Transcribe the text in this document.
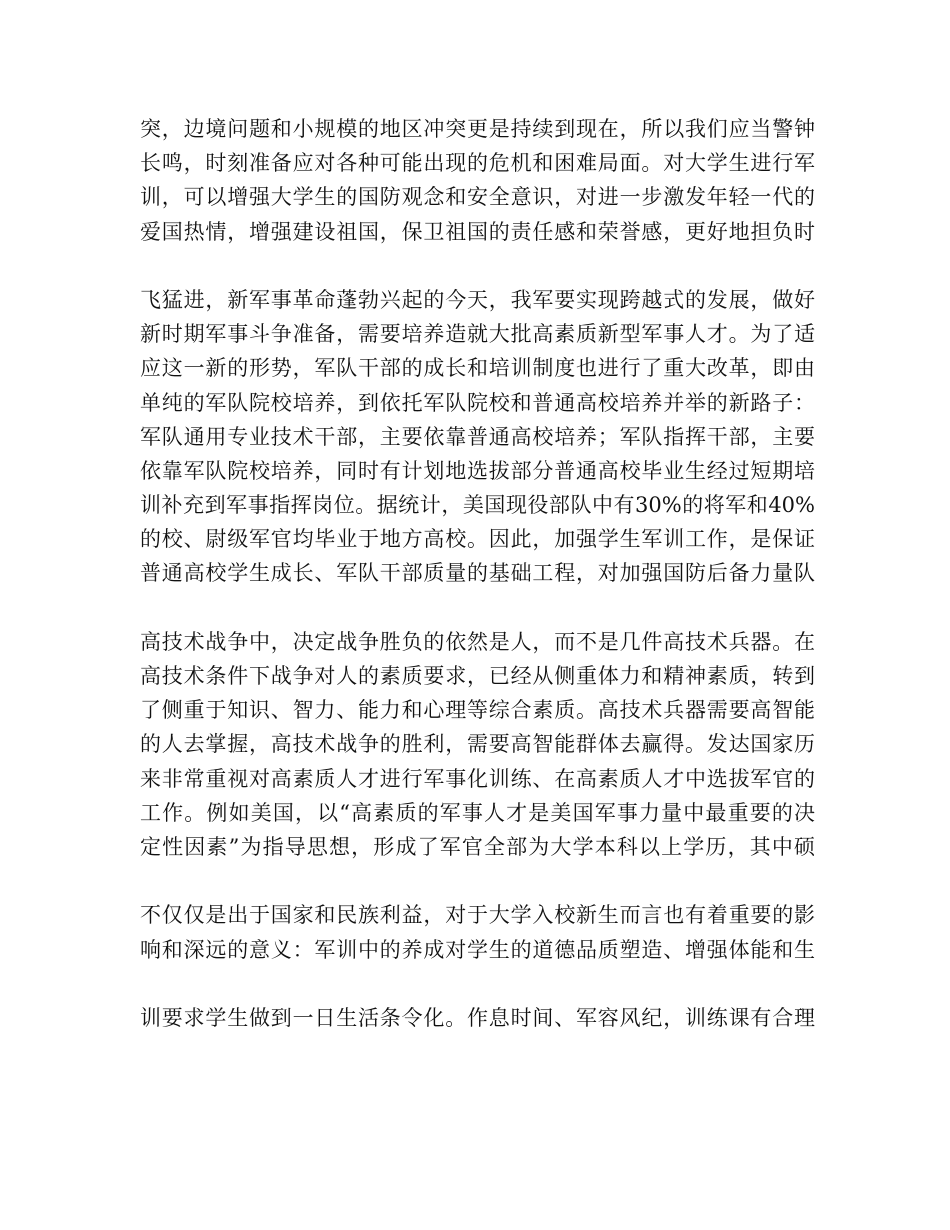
突，边境问题和小规模的地区冲突更是持续到现在，所以我们应当警钟
长鸣，时刻准备应对各种可能出现的危机和困难局面。对大学生进行军
训，可以增强大学生的国防观念和安全意识，对进一步激发年轻一代的
爱国热情，增强建设祖国，保卫祖国的责任感和荣誉感，更好地担负时

飞猛进，新军事革命蓬勃兴起的今天，我军要实现跨越式的发展，做好
新时期军事斗争准备，需要培养造就大批高素质新型军事人才。为了适
应这一新的形势，军队干部的成长和培训制度也进行了重大改革，即由
单纯的军队院校培养，到依托军队院校和普通高校培养并举的新路子：
军队通用专业技术干部，主要依靠普通高校培养；军队指挥干部，主要
依靠军队院校培养，同时有计划地选拔部分普通高校毕业生经过短期培
训补充到军事指挥岗位。据统计，美国现役部队中有30%的将军和40%
的校、尉级军官均毕业于地方高校。因此，加强学生军训工作，是保证
普通高校学生成长、军队干部质量的基础工程，对加强国防后备力量队

高技术战争中，决定战争胜负的依然是人，而不是几件高技术兵器。在
高技术条件下战争对人的素质要求，已经从侧重体力和精神素质，转到
了侧重于知识、智力、能力和心理等综合素质。高技术兵器需要高智能
的人去掌握，高技术战争的胜利，需要高智能群体去赢得。发达国家历
来非常重视对高素质人才进行军事化训练、在高素质人才中选拔军官的
工作。例如美国，以“高素质的军事人才是美国军事力量中最重要的决
定性因素”为指导思想，形成了军官全部为大学本科以上学历，其中硕

不仅仅是出于国家和民族利益，对于大学入校新生而言也有着重要的影
响和深远的意义：军训中的养成对学生的道德品质塑造、增强体能和生

训要求学生做到一日生活条令化。作息时间、军容风纪，训练课有合理
